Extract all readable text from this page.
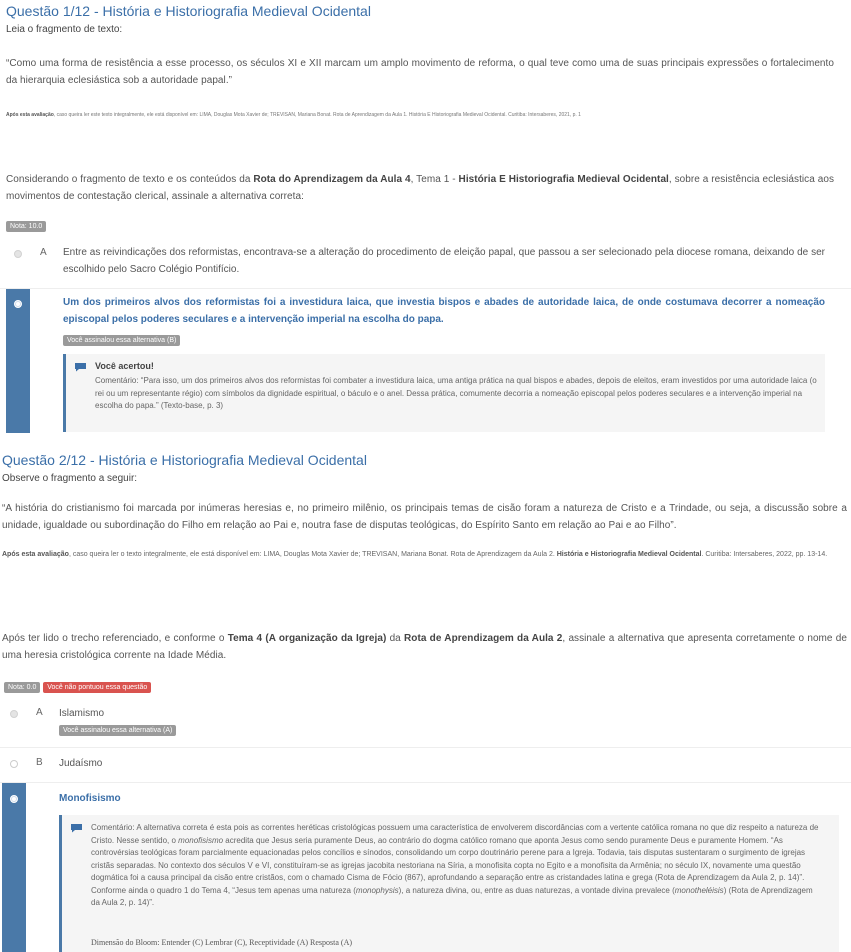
Questão 1/12 - História e Historiografia Medieval Ocidental
Leia o fragmento de texto:
“Como uma forma de resistência a esse processo, os séculos XI e XII marcam um amplo movimento de reforma, o qual teve como uma de suas principais expressões o fortalecimento da hierarquia eclesiástica sob a autoridade papal.”
Após esta avaliação, caso queira ler este texto integralmente, ele está disponível em: LIMA, Douglas Mota Xavier de; TREVISAN, Mariana Bonat. Rota de Aprendizagem da Aula 1. História E Historiografia Medieval Ocidental. Curitiba: Intersaberes, 2021, p. 1
Considerando o fragmento de texto e os conteúdos da Rota do Aprendizagem da Aula 4, Tema 1 - História E Historiografia Medieval Ocidental, sobre a resistência eclesiástica aos movimentos de contestação clerical, assinale a alternativa correta:
Nota: 10.0
A Entre as reivindicações dos reformistas, encontrava-se a alteração do procedimento de eleição papal, que passou a ser selecionado pela diocese romana, deixando de ser escolhido pelo Sacro Colégio Pontifício.
B Um dos primeiros alvos dos reformistas foi a investidura laica, que investia bispos e abades de autoridade laica, de onde costumava decorrer a nomeação episcopal pelos poderes seculares e a intervenção imperial na escolha do papa.
Você assinalou essa alternativa (B)
Você acertou!
Comentário: “Para isso, um dos primeiros alvos dos reformistas foi combater a investidura laica, uma antiga prática na qual bispos e abades, depois de eleitos, eram investidos por uma autoridade laica (o rei ou um representante régio) com símbolos da dignidade espiritual, o báculo e o anel. Dessa prática, comumente decorria a nomeação episcopal pelos poderes seculares e a intervenção imperial na escolha do papa.” (Texto-base, p. 3)
Questão 2/12 - História e Historiografia Medieval Ocidental
Observe o fragmento a seguir:
“A história do cristianismo foi marcada por inúmeras heresias e, no primeiro milênio, os principais temas de cisão foram a natureza de Cristo e a Trindade, ou seja, a discussão sobre a unidade, igualdade ou subordinação do Filho em relação ao Pai e, noutra fase de disputas teológicas, do Espírito Santo em relação ao Pai e ao Filho”.
Após esta avaliação, caso queira ler o texto integralmente, ele está disponível em: LIMA, Douglas Mota Xavier de; TREVISAN, Mariana Bonat. Rota de Aprendizagem da Aula 2. História e Historiografia Medieval Ocidental. Curitiba: Intersaberes, 2022, pp. 13-14.
Após ter lido o trecho referenciado, e conforme o Tema 4 (A organização da Igreja) da Rota de Aprendizagem da Aula 2, assinale a alternativa que apresenta corretamente o nome de uma heresia cristológica corrente na Idade Média.
Nota: 0.0 Você não pontuou essa questão
A Islamismo
Você assinalou essa alternativa (A)
B Judaísmo
C Monofisismo
Comentário: A alternativa correta é esta pois as correntes heréticas cristológicas possuem uma característica de envolverem discordâncias com a vertente católica romana no que diz respeito a natureza de Cristo. Nesse sentido, o monofisismo acredita que Jesus seria puramente Deus, ao contrário do dogma católico romano que aponta Jesus como sendo puramente Deus e puramente Homem. “As controvérsias teológicas foram parcialmente equacionadas pelos concílios e sínodos, consolidando um corpo doutrinário perene para a Igreja. Todavia, tais disputas sustentaram o surgimento de igrejas cristãs separadas. No contexto dos séculos V e VI, constituíram-se as igrejas jacobita nestoriana na Síria, a monofisita copta no Egito e a monofisita da Armênia; no século IX, novamente uma questão dogmática foi a causa principal da cisão entre cristãos, com o chamado Cisma de Fócio (867), aprofundando a separação entre as cristandades latina e grega (Rota de Aprendizagem da Aula 2, p. 14)”. Conforme ainda o quadro 1 do Tema 4, “Jesus tem apenas uma natureza (monophysis), a natureza divina, ou, entre as duas naturezas, a vontade divina prevalece (monotheléisis) (Rota de Aprendizagem da Aula 2, p. 14)”.
Dimensão do Bloom: Entender (C) Lembrar (C), Receptividade (A) Resposta (A)
